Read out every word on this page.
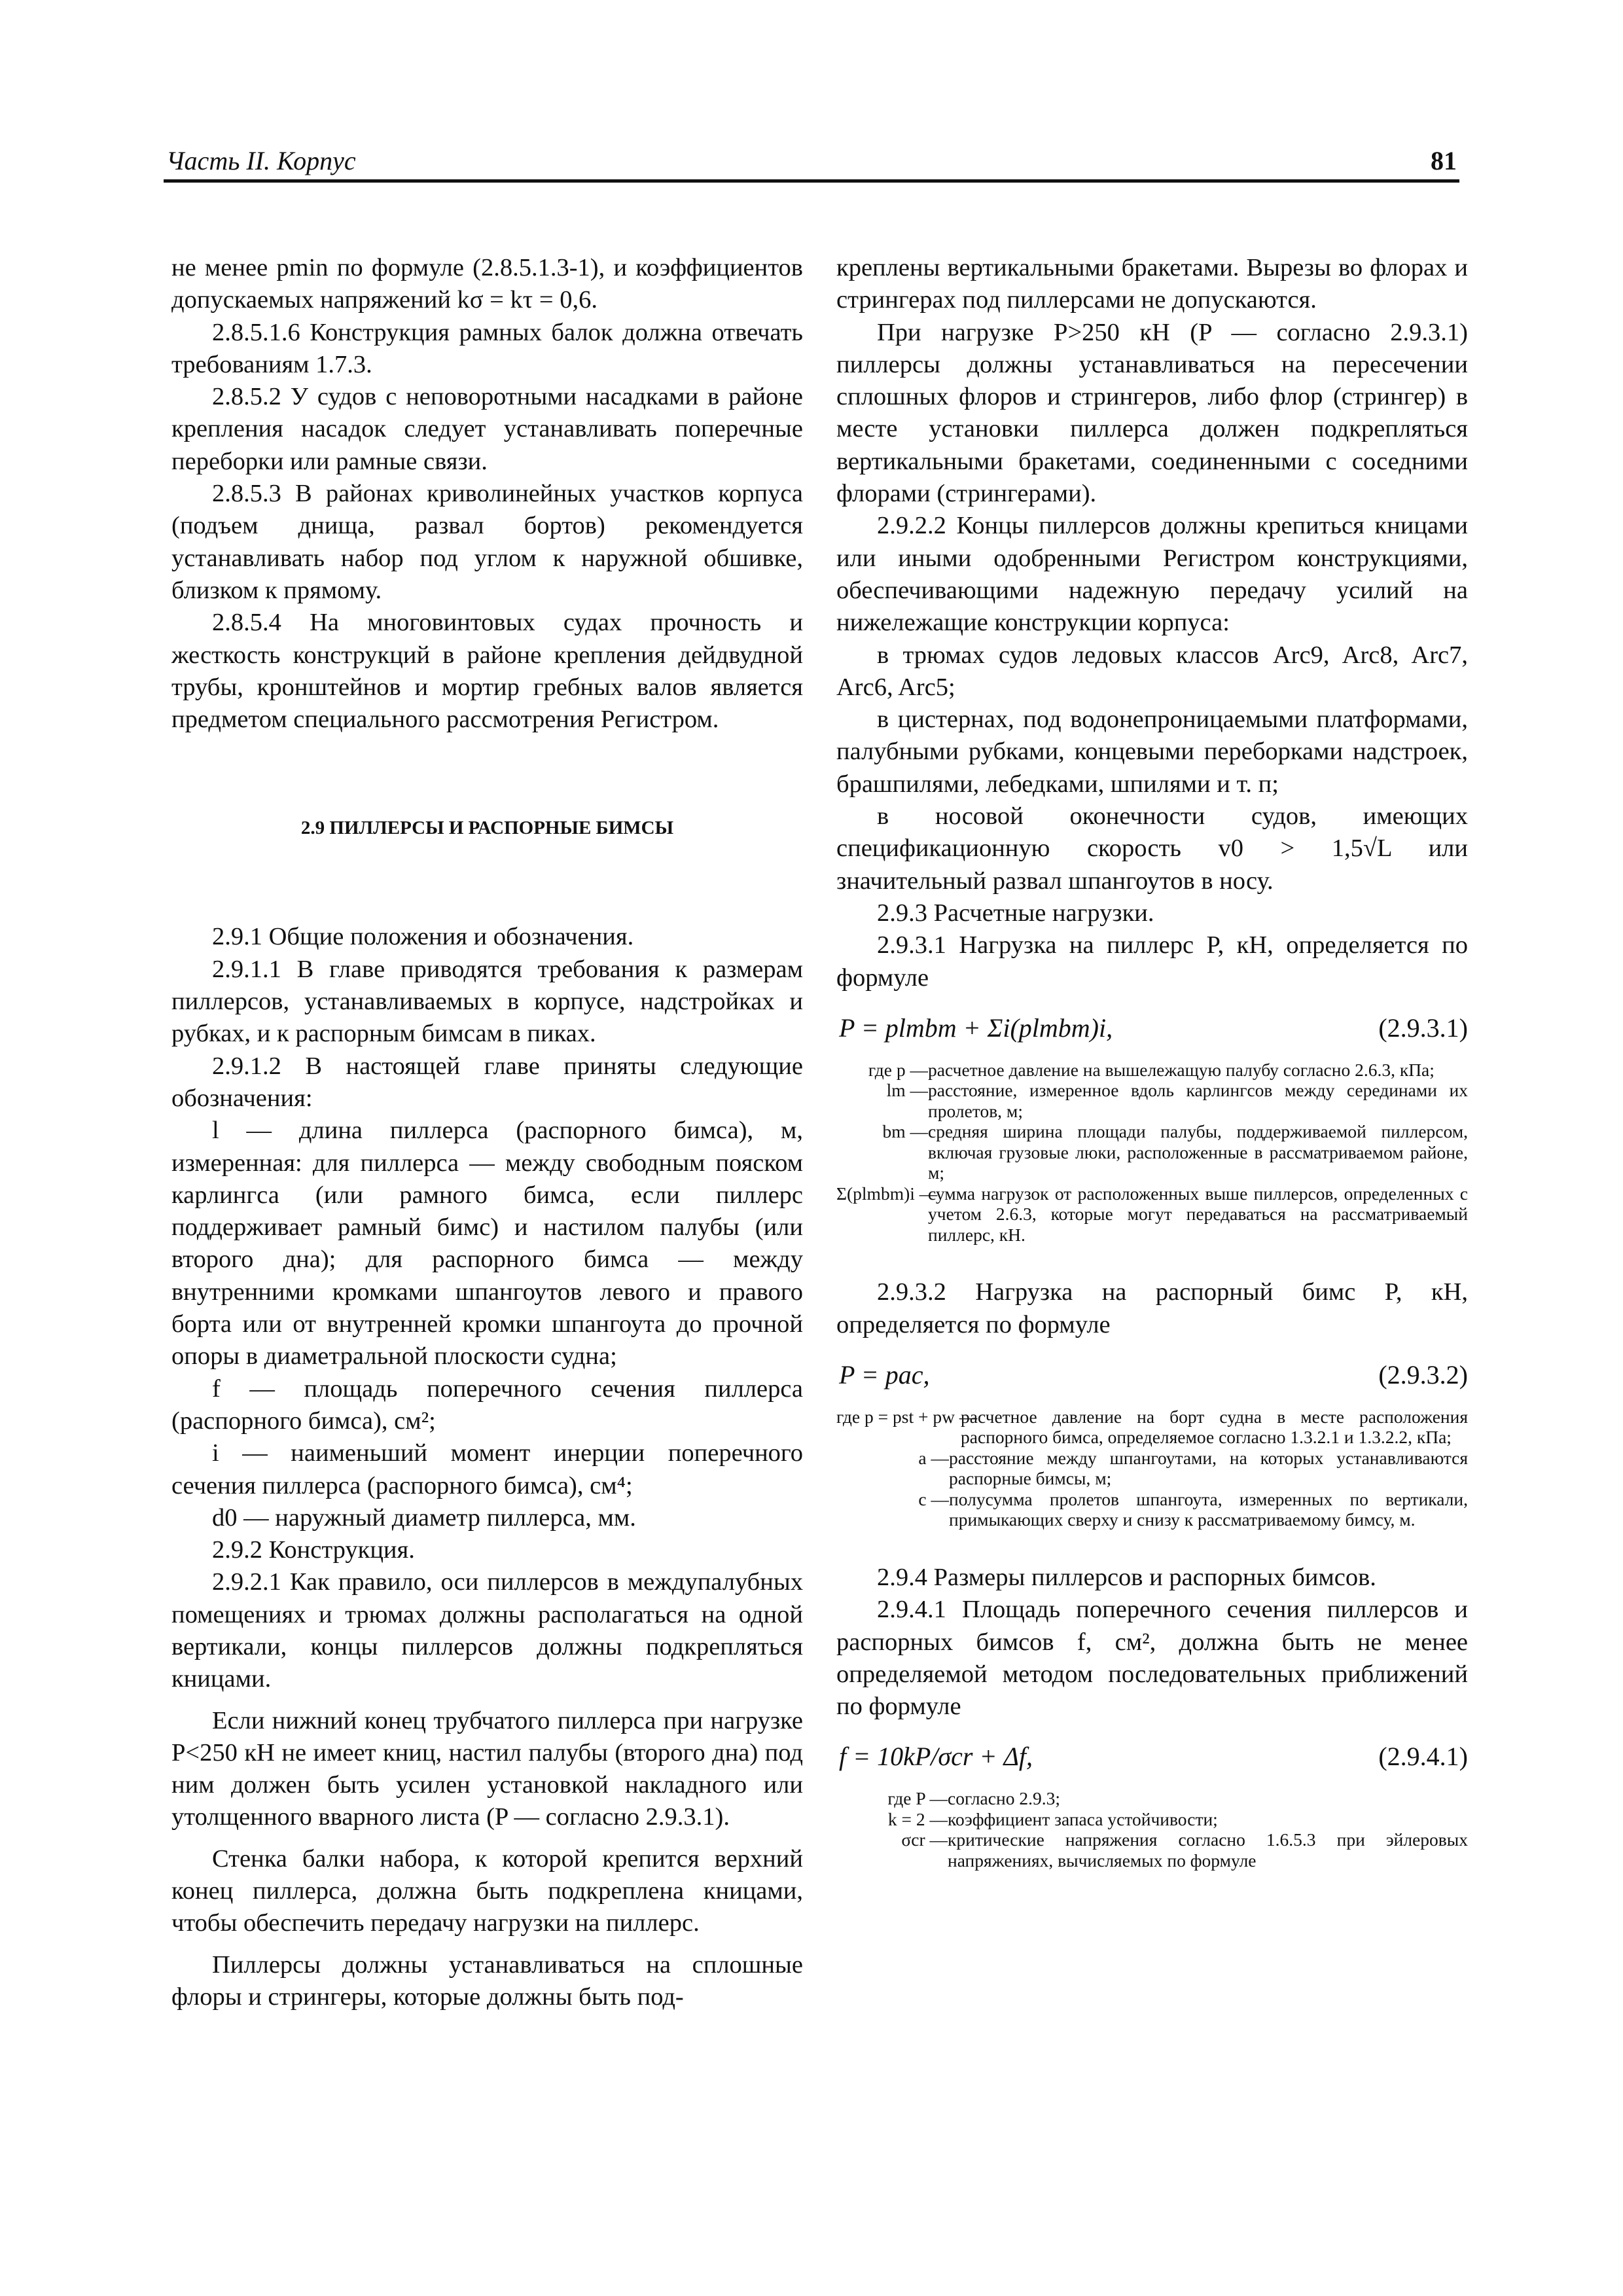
Часть II. Корпус	81

не менее pmin по формуле (2.8.5.1.3-1), и коэффициентов допускаемых напряжений kσ = kτ = 0,6.

2.8.5.1.6 Конструкция рамных балок должна отвечать требованиям 1.7.3.

2.8.5.2 У судов с неповоротными насадками в районе крепления насадок следует устанавливать поперечные переборки или рамные связи.

2.8.5.3 В районах криволинейных участков корпуса (подъем днища, развал бортов) рекомендуется устанавливать набор под углом к наружной обшивке, близком к прямому.

2.8.5.4 На многовинтовых судах прочность и жесткость конструкций в районе крепления дейдвудной трубы, кронштейнов и мортир гребных валов является предметом специального рассмотрения Регистром.

2.9 ПИЛЛЕРСЫ И РАСПОРНЫЕ БИМСЫ

2.9.1 Общие положения и обозначения.

2.9.1.1 В главе приводятся требования к размерам пиллерсов, устанавливаемых в корпусе, надстройках и рубках, и к распорным бимсам в пиках.

2.9.1.2 В настоящей главе приняты следующие обозначения:

l — длина пиллерса (распорного бимса), м, измеренная: для пиллерса — между свободным пояском карлингса (или рамного бимса, если пиллерс поддерживает рамный бимс) и настилом палубы (или второго дна); для распорного бимса — между внутренними кромками шпангоутов левого и правого борта или от внутренней кромки шпангоута до прочной опоры в диаметральной плоскости судна;

f — площадь поперечного сечения пиллерса (распорного бимса), см²;

i — наименьший момент инерции поперечного сечения пиллерса (распорного бимса), см⁴;

d0 — наружный диаметр пиллерса, мм.

2.9.2 Конструкция.

2.9.2.1 Как правило, оси пиллерсов в междупалубных помещениях и трюмах должны располагаться на одной вертикали, концы пиллерсов должны подкрепляться кницами.

Если нижний конец трубчатого пиллерса при нагрузке P<250 кН не имеет книц, настил палубы (второго дна) под ним должен быть усилен установкой накладного или утолщенного вварного листа (P — согласно 2.9.3.1).

Стенка балки набора, к которой крепится верхний конец пиллерса, должна быть подкреплена кницами, чтобы обеспечить передачу нагрузки на пиллерс.

Пиллерсы должны устанавливаться на сплошные флоры и стрингеры, которые должны быть под-

креплены вертикальными бракетами. Вырезы во флорах и стрингерах под пиллерсами не допускаются.

При нагрузке P>250 кН (P — согласно 2.9.3.1) пиллерсы должны устанавливаться на пересечении сплошных флоров и стрингеров, либо флор (стрингер) в месте установки пиллерса должен подкрепляться вертикальными бракетами, соединенными с соседними флорами (стрингерами).

2.9.2.2 Концы пиллерсов должны крепиться кницами или иными одобренными Регистром конструкциями, обеспечивающими надежную передачу усилий на нижележащие конструкции корпуса:

в трюмах судов ледовых классов Arc9, Arc8, Arc7, Arc6, Arc5;

в цистернах, под водонепроницаемыми платформами, палубными рубками, концевыми переборками надстроек, брашпилями, лебедками, шпилями и т. п;

в носовой оконечности судов, имеющих спецификационную скорость v0 > 1,5√L или значительный развал шпангоутов в носу.

2.9.3 Расчетные нагрузки.

2.9.3.1 Нагрузка на пиллерс P, кН, определяется по формуле

P = plmbm + Σi(plmbm)i,	(2.9.3.1)
где p — расчетное давление на вышележащую палубу согласно 2.6.3, кПа;
lm — расстояние, измеренное вдоль карлингсов между серединами их пролетов, м;
bm — средняя ширина площади палубы, поддерживаемой пиллерсом, включая грузовые люки, расположенные в рассматриваемом районе, м;
Σ(plmbm)i —
сумма нагрузок от расположенных выше пиллерсов, определенных с учетом 2.6.3, которые могут передаваться на рассматриваемый пиллерс, кН.

2.9.3.2 Нагрузка на распорный бимс P, кН, определяется по формуле

P = pac,	(2.9.3.2)
где p = pst + pw —
расчетное давление на борт судна в месте расположения распорного бимса, определяемое согласно 1.3.2.1 и 1.3.2.2, кПа;
a — расстояние между шпангоутами, на которых устанавливаются распорные бимсы, м;
c — полусумма пролетов шпангоута, измеренных по вертикали, примыкающих сверху и снизу к рассматриваемому бимсу, м.

2.9.4 Размеры пиллерсов и распорных бимсов.

2.9.4.1 Площадь поперечного сечения пиллерсов и распорных бимсов f, см², должна быть не менее определяемой методом последовательных приближений по формуле

f = 10kP/σcr + Δf,	(2.9.4.1)
где P — согласно 2.9.3;
k = 2 — коэффициент запаса устойчивости;
σcr — критические напряжения согласно 1.6.5.3 при эйлеровых напряжениях, вычисляемых по формуле
